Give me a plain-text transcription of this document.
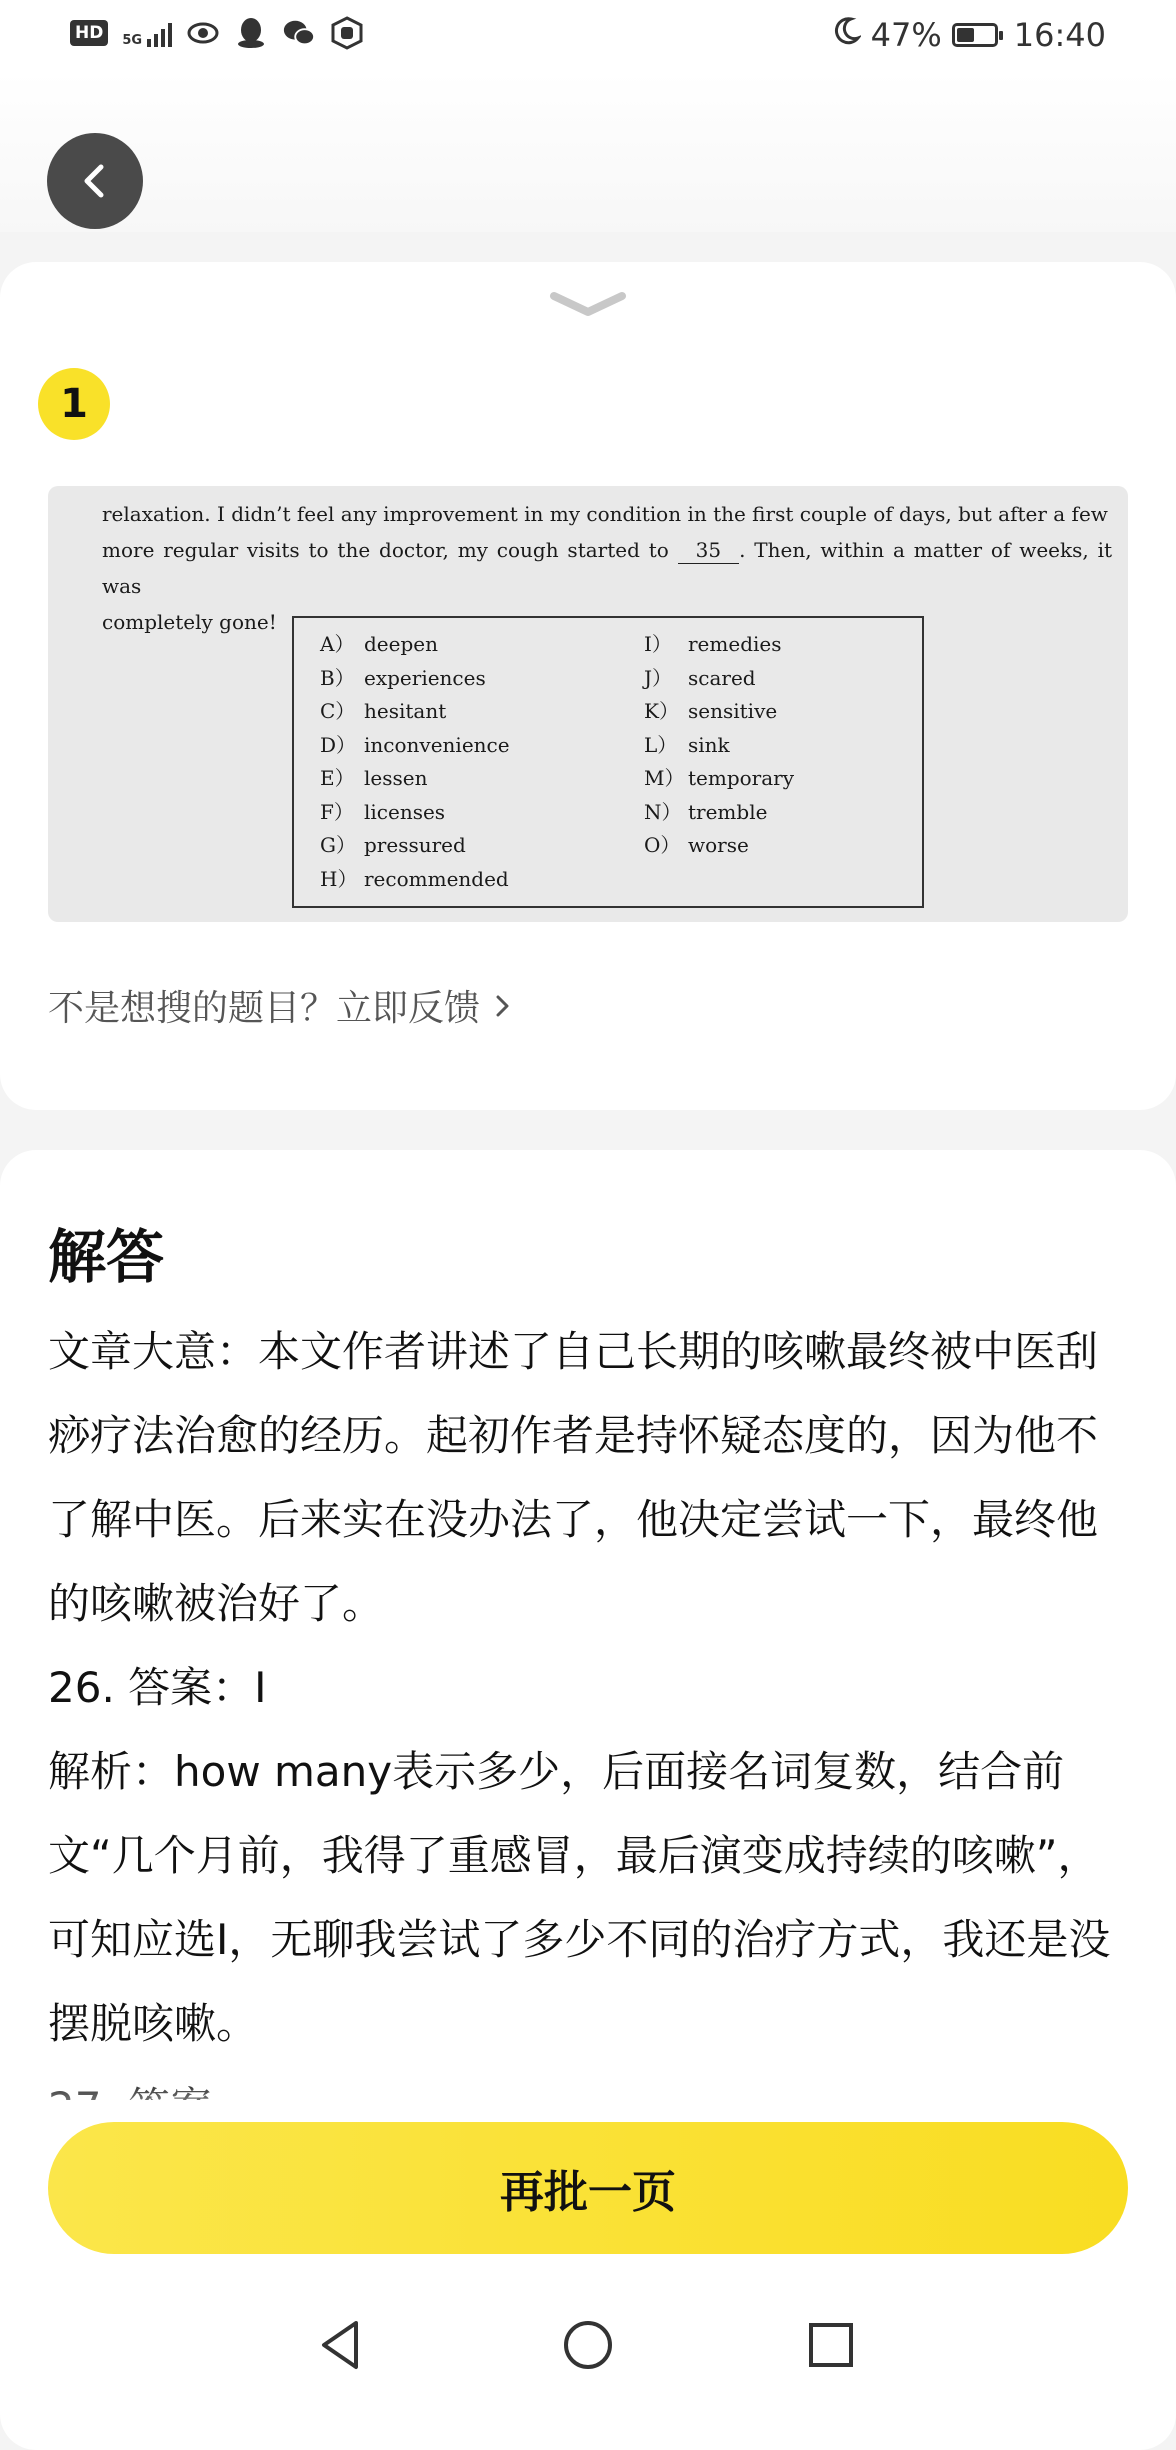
HD	5G	47% 16:40
1
relaxation. I didn’t feel any improvement in my condition in the first couple of days, but after a few
more regular visits to the doctor, my cough started to 35 . Then, within a matter of weeks, it was
completely gone!
A） deepen
B） experiences
C） hesitant
D） inconvenience
E） lessen
F） licenses
G） pressured
H） recommended
I） remedies
J） scared
K） sensitive
L） sink
M） temporary
N） tremble
O） worse
不是想搜的题目？立即反馈
解答

文章大意：本文作者讲述了自己长期的咳嗽最终被中医刮痧疗法治愈的经历。起初作者是持怀疑态度的，因为他不了解中医。后来实在没办法了，他决定尝试一下，最终他的咳嗽被治好了。

26. 答案：I

解析：how many表示多少，后面接名词复数，结合前文“几个月前，我得了重感冒，最后演变成持续的咳嗽”，可知应选I，无聊我尝试了多少不同的治疗方式，我还是没摆脱咳嗽。

再批一页
